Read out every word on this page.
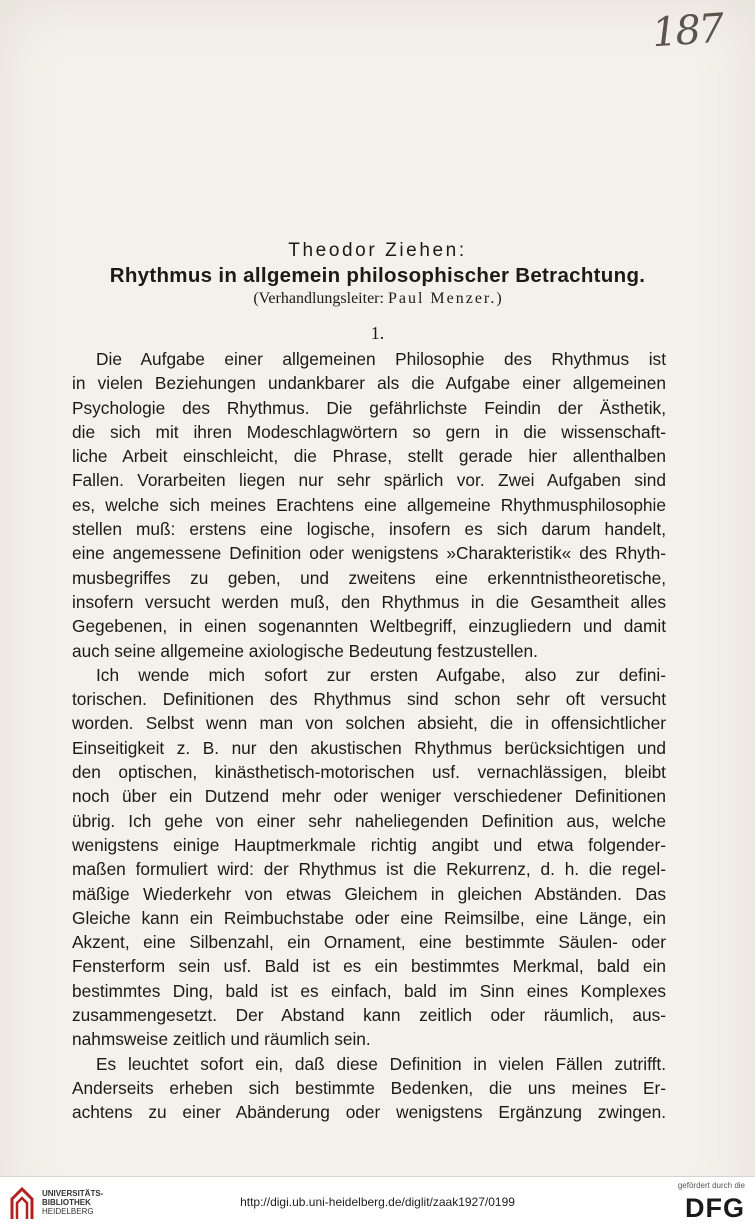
187
Theodor Ziehen:
Rhythmus in allgemein philosophischer Betrachtung.
(Verhandlungsleiter: Paul Menzer.)
1.
Die Aufgabe einer allgemeinen Philosophie des Rhythmus ist
in vielen Beziehungen undankbarer als die Aufgabe einer allgemeinen
Psychologie des Rhythmus. Die gefährlichste Feindin der Ästhetik,
die sich mit ihren Modeschlagwörtern so gern in die wissenschaft-
liche Arbeit einschleicht, die Phrase, stellt gerade hier allenthalben
Fallen. Vorarbeiten liegen nur sehr spärlich vor. Zwei Aufgaben sind
es, welche sich meines Erachtens eine allgemeine Rhythmusphilosophie
stellen muß: erstens eine logische, insofern es sich darum handelt,
eine angemessene Definition oder wenigstens »Charakteristik« des Rhyth-
musbegriffes zu geben, und zweitens eine erkenntnistheoretische,
insofern versucht werden muß, den Rhythmus in die Gesamtheit alles
Gegebenen, in einen sogenannten Weltbegriff, einzugliedern und damit
auch seine allgemeine axiologische Bedeutung festzustellen.
Ich wende mich sofort zur ersten Aufgabe, also zur defini-
torischen. Definitionen des Rhythmus sind schon sehr oft versucht
worden. Selbst wenn man von solchen absieht, die in offensichtlicher
Einseitigkeit z. B. nur den akustischen Rhythmus berücksichtigen und
den optischen, kinästhetisch-motorischen usf. vernachlässigen, bleibt
noch über ein Dutzend mehr oder weniger verschiedener Definitionen
übrig. Ich gehe von einer sehr naheliegenden Definition aus, welche
wenigstens einige Hauptmerkmale richtig angibt und etwa folgender-
maßen formuliert wird: der Rhythmus ist die Rekurrenz, d. h. die regel-
mäßige Wiederkehr von etwas Gleichem in gleichen Abständen. Das
Gleiche kann ein Reimbuchstabe oder eine Reimsilbe, eine Länge, ein
Akzent, eine Silbenzahl, ein Ornament, eine bestimmte Säulen- oder
Fensterform sein usf. Bald ist es ein bestimmtes Merkmal, bald ein
bestimmtes Ding, bald ist es einfach, bald im Sinn eines Komplexes
zusammengesetzt. Der Abstand kann zeitlich oder räumlich, aus-
nahmsweise zeitlich und räumlich sein.
Es leuchtet sofort ein, daß diese Definition in vielen Fällen zutrifft.
Anderseits erheben sich bestimmte Bedenken, die uns meines Er-
achtens zu einer Abänderung oder wenigstens Ergänzung zwingen.
UNIVERSITÄTS-
BIBLIOTHEK
HEIDELBERG
http://digi.ub.uni-heidelberg.de/diglit/zaak1927/0199
gefördert durch die
DFG
